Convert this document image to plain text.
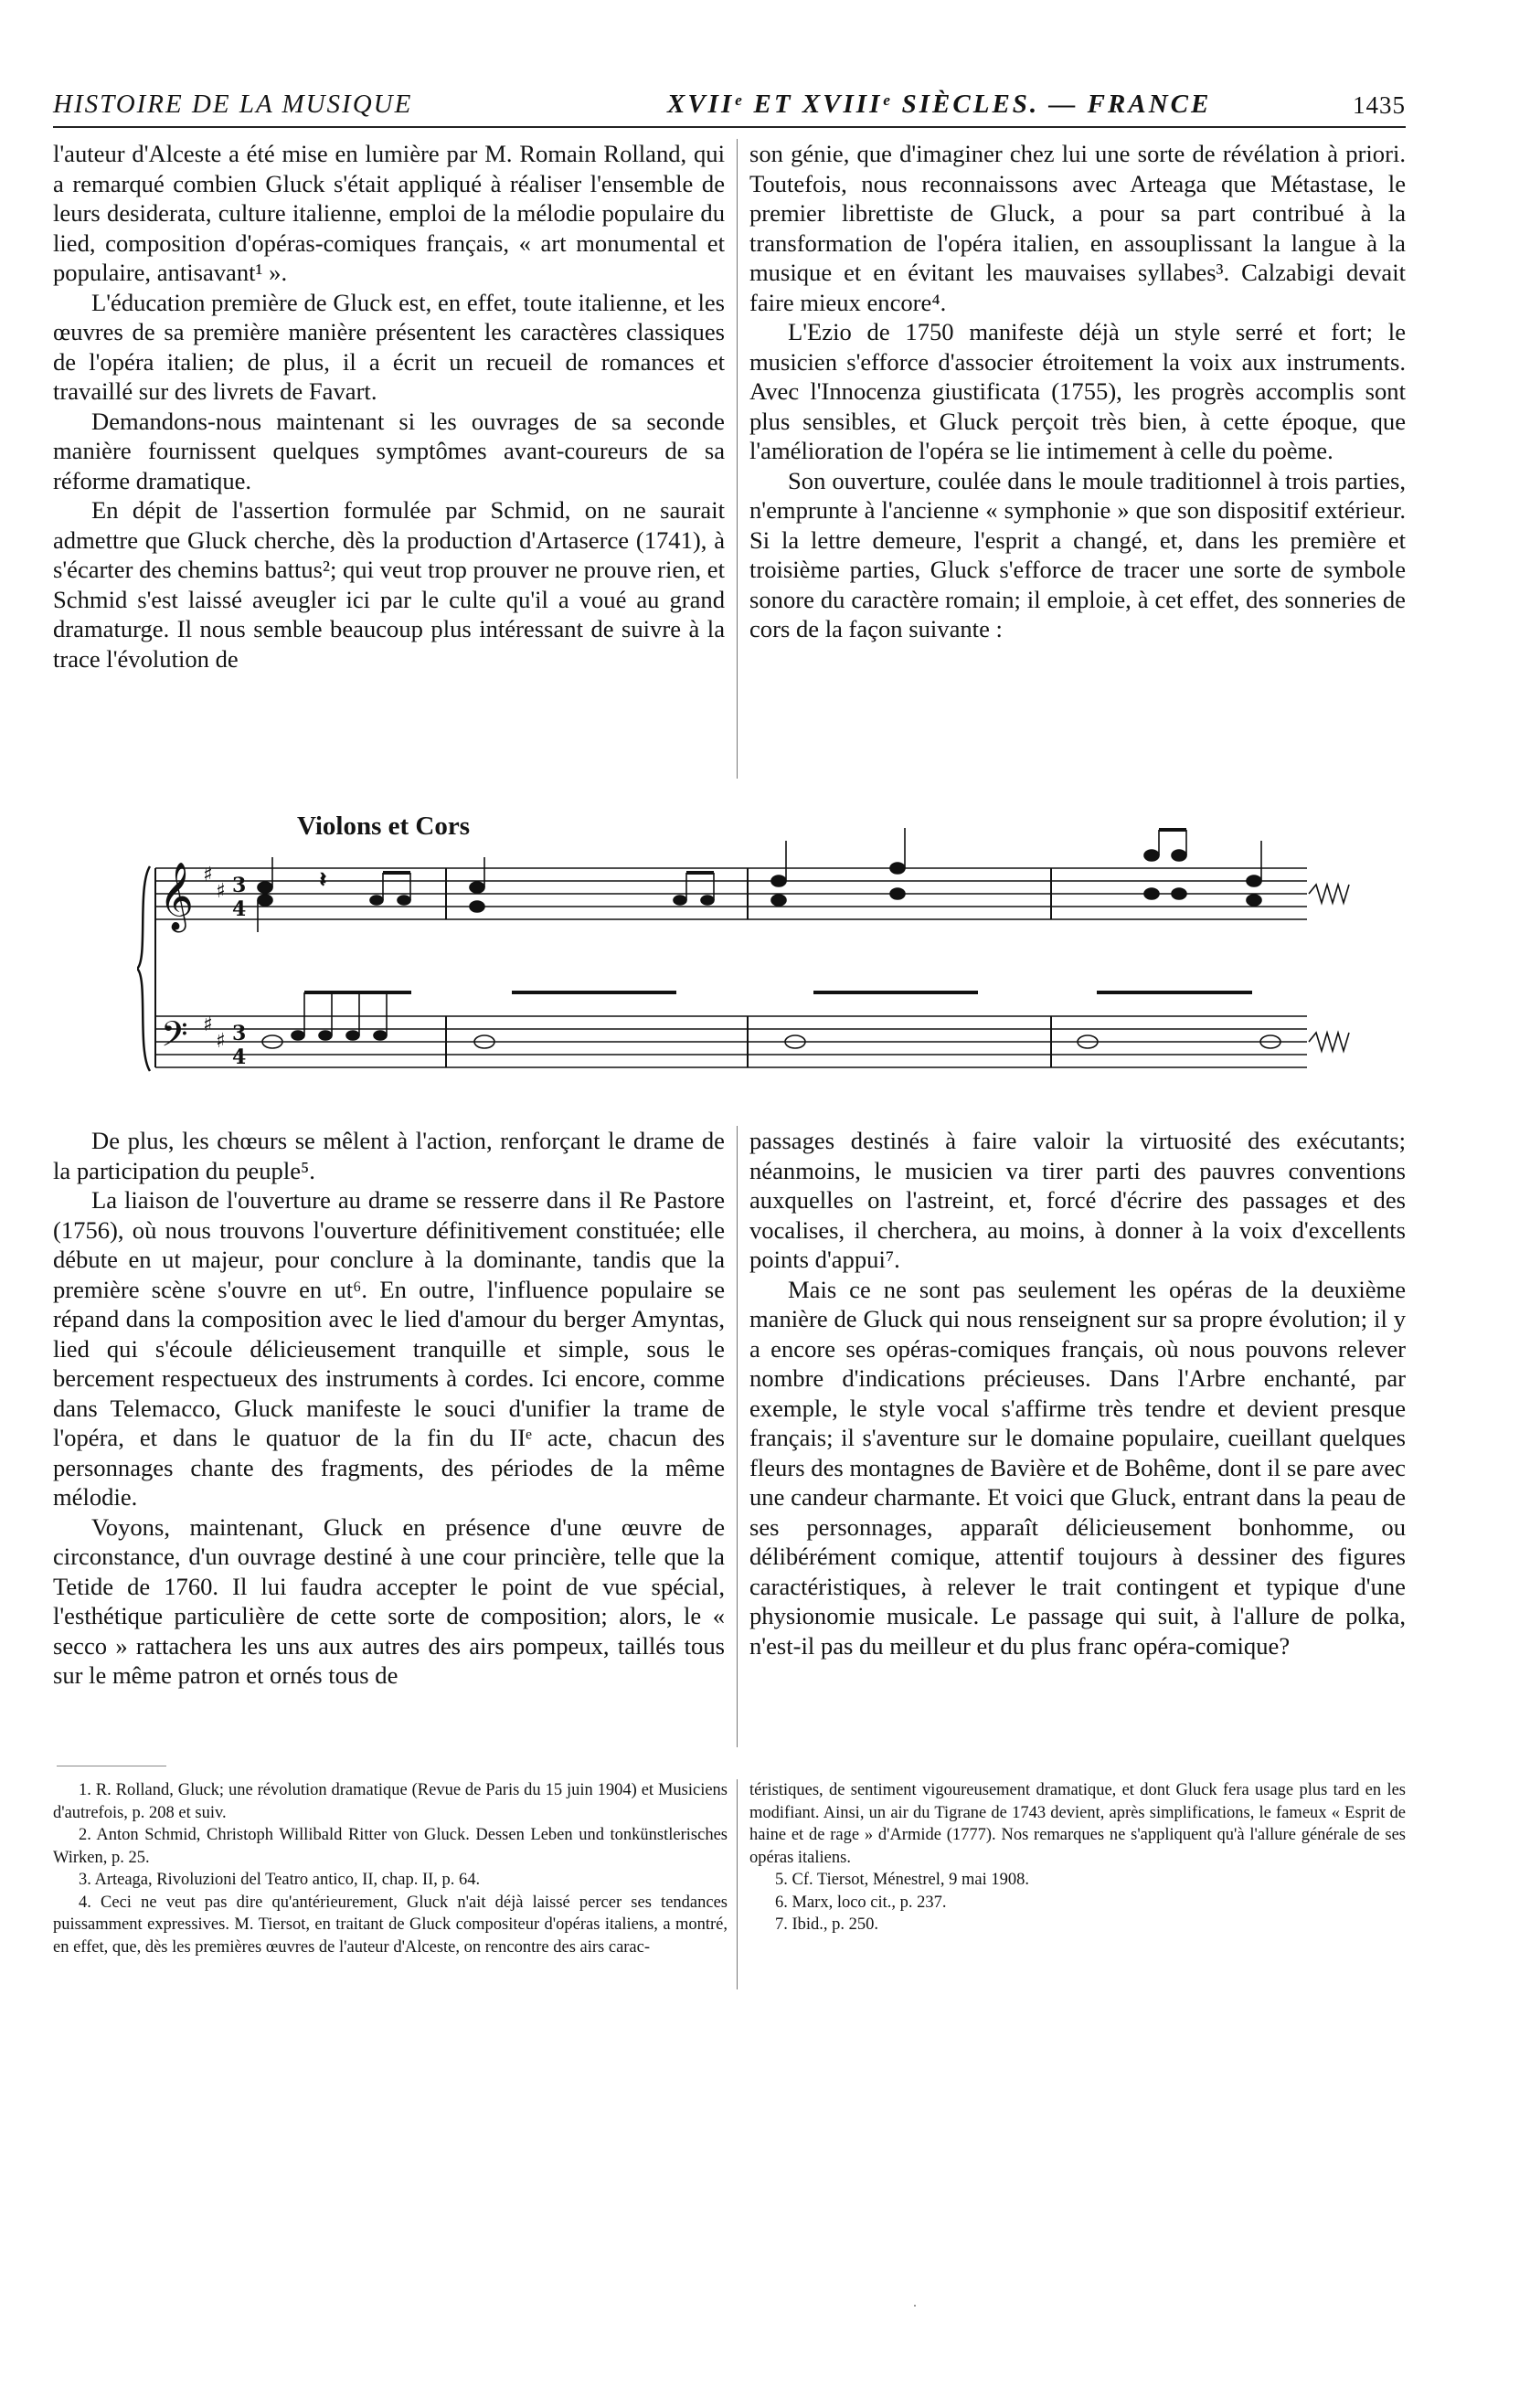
HISTOIRE DE LA MUSIQUE	XVIIᵉ ET XVIIIᵉ SIÈCLES. — FRANCE	1435

l'auteur d'Alceste a été mise en lumière par M. Romain Rolland, qui a remarqué combien Gluck s'était appliqué à réaliser l'ensemble de leurs desiderata, culture italienne, emploi de la mélodie populaire du lied, composition d'opéras-comiques français, « art monumental et populaire, antisavant¹ ».

L'éducation première de Gluck est, en effet, toute italienne, et les œuvres de sa première manière présentent les caractères classiques de l'opéra italien; de plus, il a écrit un recueil de romances et travaillé sur des livrets de Favart.

Demandons-nous maintenant si les ouvrages de sa seconde manière fournissent quelques symptômes avant-coureurs de sa réforme dramatique.

En dépit de l'assertion formulée par Schmid, on ne saurait admettre que Gluck cherche, dès la production d'Artaserce (1741), à s'écarter des chemins battus²; qui veut trop prouver ne prouve rien, et Schmid s'est laissé aveugler ici par le culte qu'il a voué au grand dramaturge. Il nous semble beaucoup plus intéressant de suivre à la trace l'évolution de

son génie, que d'imaginer chez lui une sorte de révélation à priori. Toutefois, nous reconnaissons avec Arteaga que Métastase, le premier librettiste de Gluck, a pour sa part contribué à la transformation de l'opéra italien, en assouplissant la langue à la musique et en évitant les mauvaises syllabes³. Calzabigi devait faire mieux encore⁴.

L'Ezio de 1750 manifeste déjà un style serré et fort; le musicien s'efforce d'associer étroitement la voix aux instruments. Avec l'Innocenza giustificata (1755), les progrès accomplis sont plus sensibles, et Gluck perçoit très bien, à cette époque, que l'amélioration de l'opéra se lie intimement à celle du poème.

Son ouverture, coulée dans le moule traditionnel à trois parties, n'emprunte à l'ancienne « symphonie » que son dispositif extérieur. Si la lettre demeure, l'esprit a changé, et, dans les première et troisième parties, Gluck s'efforce de tracer une sorte de symbole sonore du caractère romain; il emploie, à cet effet, des sonneries de cors de la façon suivante :

Violons et Cors
𝄞
𝄢
♯
♯
♯
♯
3
4
3
4
𝄽

De plus, les chœurs se mêlent à l'action, renforçant le drame de la participation du peuple⁵.

La liaison de l'ouverture au drame se resserre dans il Re Pastore (1756), où nous trouvons l'ouverture définitivement constituée; elle débute en ut majeur, pour conclure à la dominante, tandis que la première scène s'ouvre en ut⁶. En outre, l'influence populaire se répand dans la composition avec le lied d'amour du berger Amyntas, lied qui s'écoule délicieusement tranquille et simple, sous le bercement respectueux des instruments à cordes. Ici encore, comme dans Telemacco, Gluck manifeste le souci d'unifier la trame de l'opéra, et dans le quatuor de la fin du IIᵉ acte, chacun des personnages chante des fragments, des périodes de la même mélodie.

Voyons, maintenant, Gluck en présence d'une œuvre de circonstance, d'un ouvrage destiné à une cour princière, telle que la Tetide de 1760. Il lui faudra accepter le point de vue spécial, l'esthétique particulière de cette sorte de composition; alors, le « secco » rattachera les uns aux autres des airs pompeux, taillés tous sur le même patron et ornés tous de

passages destinés à faire valoir la virtuosité des exécutants; néanmoins, le musicien va tirer parti des pauvres conventions auxquelles on l'astreint, et, forcé d'écrire des passages et des vocalises, il cherchera, au moins, à donner à la voix d'excellents points d'appui⁷.

Mais ce ne sont pas seulement les opéras de la deuxième manière de Gluck qui nous renseignent sur sa propre évolution; il y a encore ses opéras-comiques français, où nous pouvons relever nombre d'indications précieuses. Dans l'Arbre enchanté, par exemple, le style vocal s'affirme très tendre et devient presque français; il s'aventure sur le domaine populaire, cueillant quelques fleurs des montagnes de Bavière et de Bohême, dont il se pare avec une candeur charmante. Et voici que Gluck, entrant dans la peau de ses personnages, apparaît délicieusement bonhomme, ou délibérément comique, attentif toujours à dessiner des figures caractéristiques, à relever le trait contingent et typique d'une physionomie musicale. Le passage qui suit, à l'allure de polka, n'est-il pas du meilleur et du plus franc opéra-comique?

1. R. Rolland, Gluck; une révolution dramatique (Revue de Paris du 15 juin 1904) et Musiciens d'autrefois, p. 208 et suiv.

2. Anton Schmid, Christoph Willibald Ritter von Gluck. Dessen Leben und tonkünstlerisches Wirken, p. 25.

3. Arteaga, Rivoluzioni del Teatro antico, II, chap. II, p. 64.

4. Ceci ne veut pas dire qu'antérieurement, Gluck n'ait déjà laissé percer ses tendances puissamment expressives. M. Tiersot, en traitant de Gluck compositeur d'opéras italiens, a montré, en effet, que, dès les premières œuvres de l'auteur d'Alceste, on rencontre des airs carac-

téristiques, de sentiment vigoureusement dramatique, et dont Gluck fera usage plus tard en les modifiant. Ainsi, un air du Tigrane de 1743 devient, après simplifications, le fameux « Esprit de haine et de rage » d'Armide (1777). Nos remarques ne s'appliquent qu'à l'allure générale de ses opéras italiens.

5. Cf. Tiersot, Ménestrel, 9 mai 1908.

6. Marx, loco cit., p. 237.

7. Ibid., p. 250.
